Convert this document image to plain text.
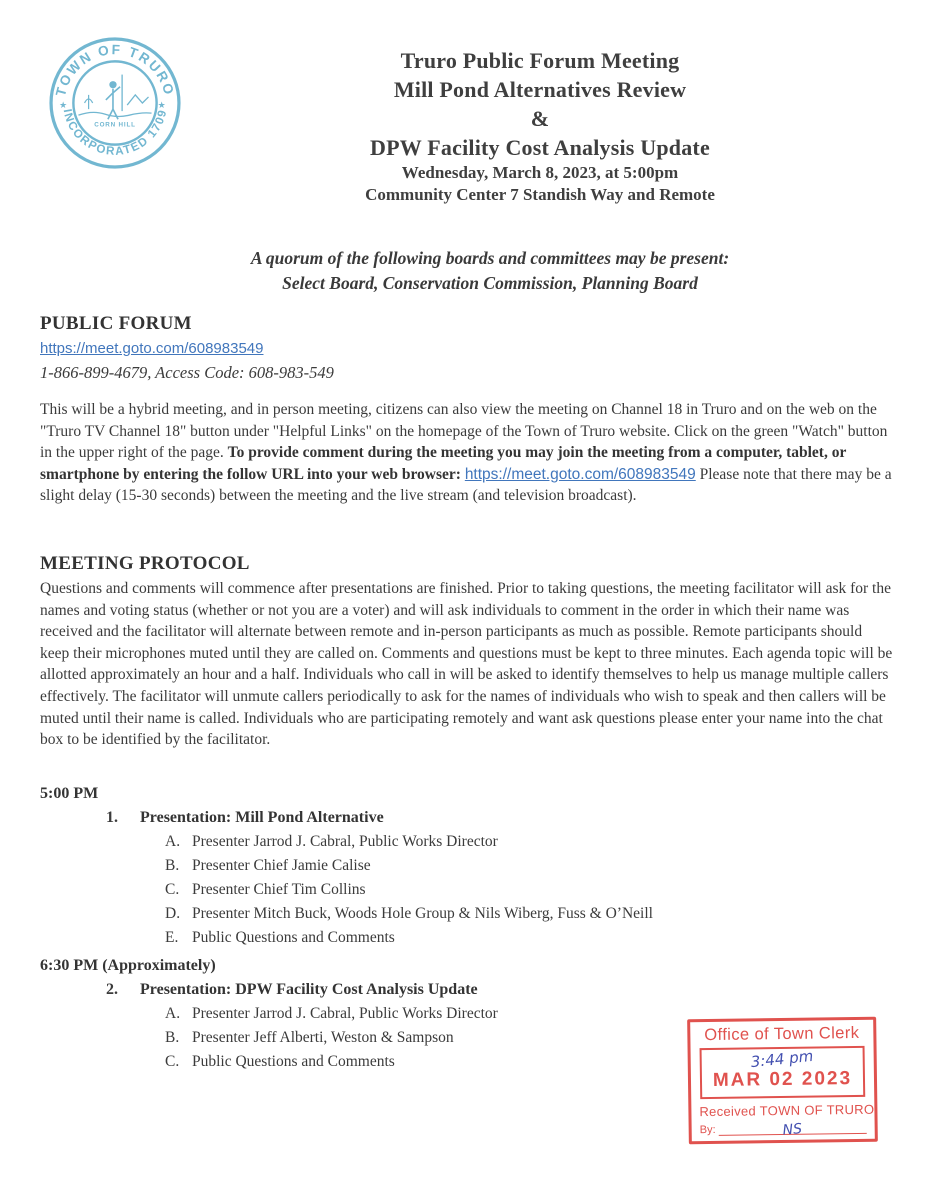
TOWN OF TRURO
INCORPORATED 1709
★	★
CORN HILL
Truro Public Forum Meeting
Mill Pond Alternatives Review
&
DPW Facility Cost Analysis Update
Wednesday, March 8, 2023, at 5:00pm
Community Center 7 Standish Way and Remote
A quorum of the following boards and committees may be present:
Select Board, Conservation Commission, Planning Board
PUBLIC FORUM
https://meet.goto.com/608983549
1-866-899-4679, Access Code: 608-983-549

This will be a hybrid meeting, and in person meeting, citizens can also view the meeting on Channel 18 in Truro and on the web on the "Truro TV Channel 18" button under "Helpful Links" on the homepage of the Town of Truro website. Click on the green "Watch" button in the upper right of the page. To provide comment during the meeting you may join the meeting from a computer, tablet, or smartphone by entering the follow URL into your web browser: https://meet.goto.com/608983549 Please note that there may be a slight delay (15-30 seconds) between the meeting and the live stream (and television broadcast).

MEETING PROTOCOL

Questions and comments will commence after presentations are finished. Prior to taking questions, the meeting facilitator will ask for the names and voting status (whether or not you are a voter) and will ask individuals to comment in the order in which their name was received and the facilitator will alternate between remote and in-person participants as much as possible. Remote participants should keep their microphones muted until they are called on. Comments and questions must be kept to three minutes. Each agenda topic will be allotted approximately an hour and a half. Individuals who call in will be asked to identify themselves to help us manage multiple callers effectively. The facilitator will unmute callers periodically to ask for the names of individuals who wish to speak and then callers will be muted until their name is called. Individuals who are participating remotely and want ask questions please enter your name into the chat box to be identified by the facilitator.

5:00 PM
1. Presentation: Mill Pond Alternative
A. Presenter Jarrod J. Cabral, Public Works Director
B. Presenter Chief Jamie Calise
C. Presenter Chief Tim Collins
D. Presenter Mitch Buck, Woods Hole Group & Nils Wiberg, Fuss & O’Neill
E. Public Questions and Comments
6:30 PM (Approximately)
2. Presentation: DPW Facility Cost Analysis Update
A. Presenter Jarrod J. Cabral, Public Works Director
B. Presenter Jeff Alberti, Weston & Sampson
C. Public Questions and Comments
Office of Town Clerk
3:44 pm
MAR 02 2023
Received TOWN OF TRURO
By:	NS
